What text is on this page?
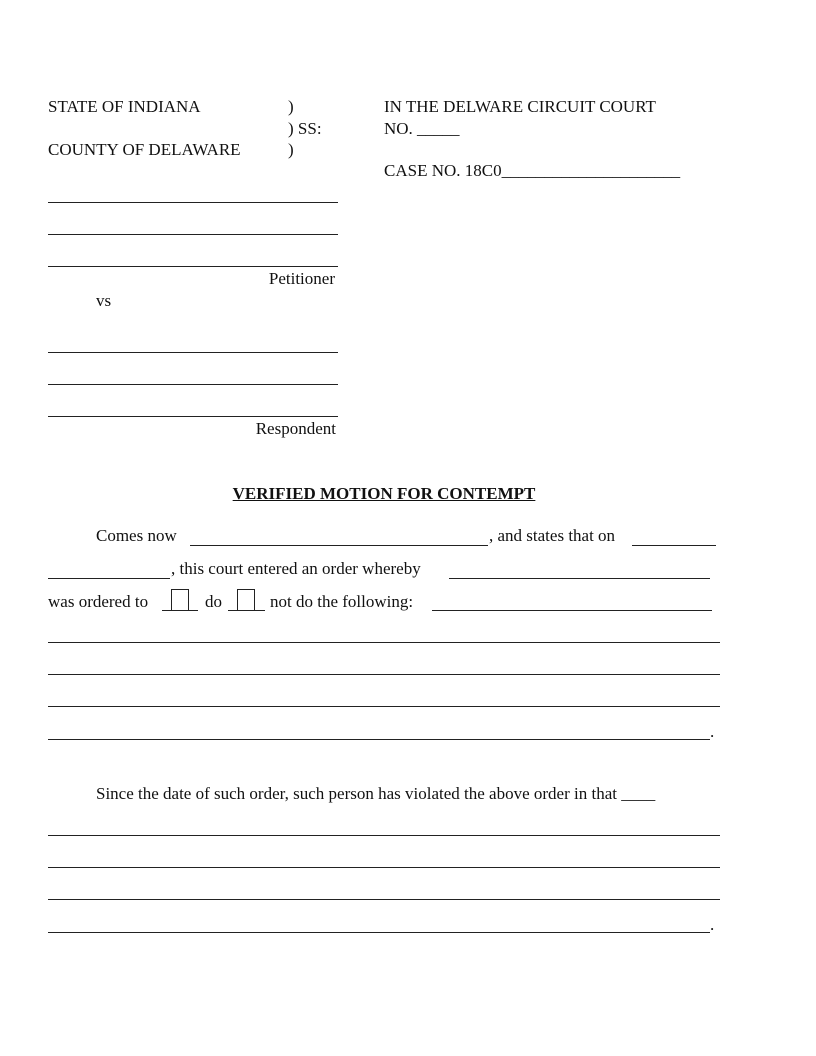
STATE OF INDIANA	)
) SS:
COUNTY OF DELAWARE	)
IN THE DELWARE CIRCUIT COURT
NO. _____
CASE NO. 18C0_____________________
Petitioner
vs
Respondent
VERIFIED MOTION FOR CONTEMPT
Comes now	, and states that on
, this court entered an order whereby
was ordered to	do	not do the following:
.
Since the date of such order, such person has violated the above order in that ____
.
